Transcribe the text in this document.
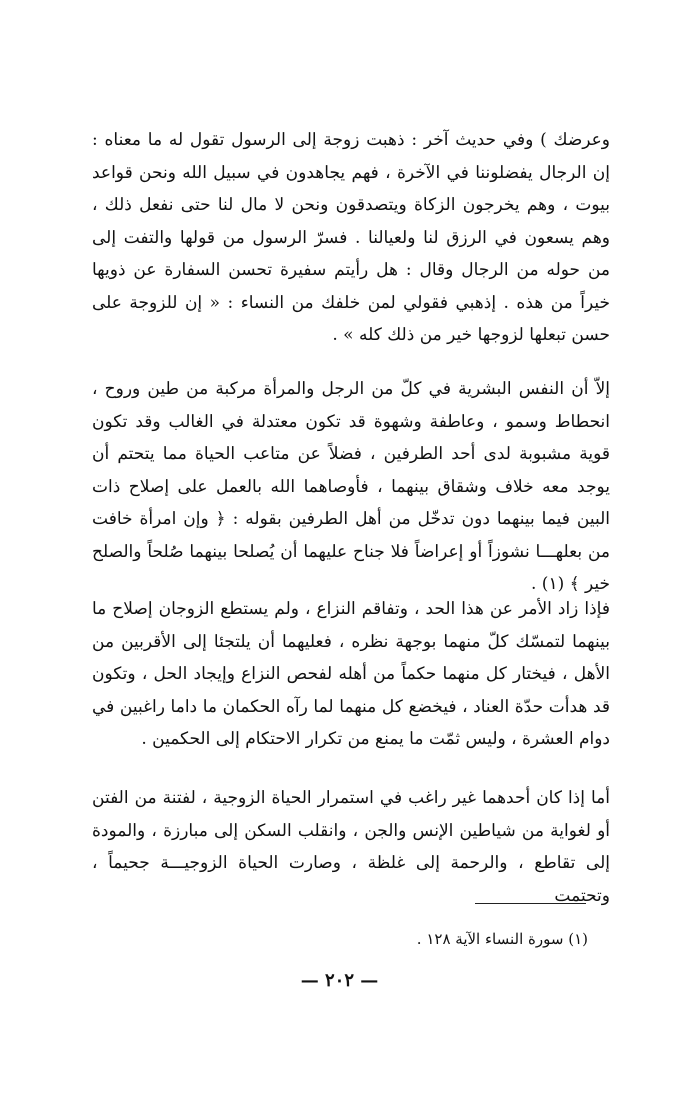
وعرضك ) وفي حديث آخر : ذهبت زوجة إلى الرسول تقول له ما معناه : إن الرجال يفضلوننا في الآخرة ، فهم يجاهدون في سبيل الله ونحن قواعد بيوت ، وهم يخرجون الزكاة ويتصدقون ونحن لا مال لنا حتى نفعل ذلك ، وهم يسعون في الرزق لنا ولعيالنا . فسرّ الرسول من قولها والتفت إلى من حوله من الرجال وقال : هل رأيتم سفيرة تحسن السفارة عن ذويها خيراً من هذه . إذهبي فقولي لمن خلفك من النساء : « إن للزوجة على حسن تبعلها لزوجها خير من ذلك كله » .

إلاّ أن النفس البشرية في كلّ من الرجل والمرأة مركبة من طين وروح ، انحطاط وسمو ، وعاطفة وشهوة قد تكون معتدلة في الغالب وقد تكون قوية مشبوبة لدى أحد الطرفين ، فضلاً عن متاعب الحياة مما يتحتم أن يوجد معه خلاف وشقاق بينهما ، فأوصاهما الله بالعمل على إصلاح ذات البين فيما بينهما دون تدخّل من أهل الطرفين بقوله : ﴿ وإن امرأة خافت من بعلهـــا نشوزاً أو إعراضاً فلا جناح عليهما أن يُصلحا بينهما صُلحاً والصلح خير ﴾ (١) .

فإذا زاد الأمر عن هذا الحد ، وتفاقم النزاع ، ولم يستطع الزوجان إصلاح ما بينهما لتمسّك كلّ منهما بوجهة نظره ، فعليهما أن يلتجئا إلى الأقربين من الأهل ، فيختار كل منهما حكماً من أهله لفحص النزاع وإيجاد الحل ، وتكون قد هدأت حدّة العناد ، فيخضع كل منهما لما رآه الحكمان ما داما راغبين في دوام العشرة ، وليس ثمّت ما يمنع من تكرار الاحتكام إلى الحكمين .

أما إذا كان أحدهما غير راغب في استمرار الحياة الزوجية ، لفتنة من الفتن أو لغواية من شياطين الإنس والجن ، وانقلب السكن إلى مبارزة ، والمودة إلى تقاطع ، والرحمة إلى غلظة ، وصارت الحياة الزوجيـــة جحيماً ، وتحتمت

(١) سورة النساء الآية ١٢٨ .
— ٢٠٢ —
